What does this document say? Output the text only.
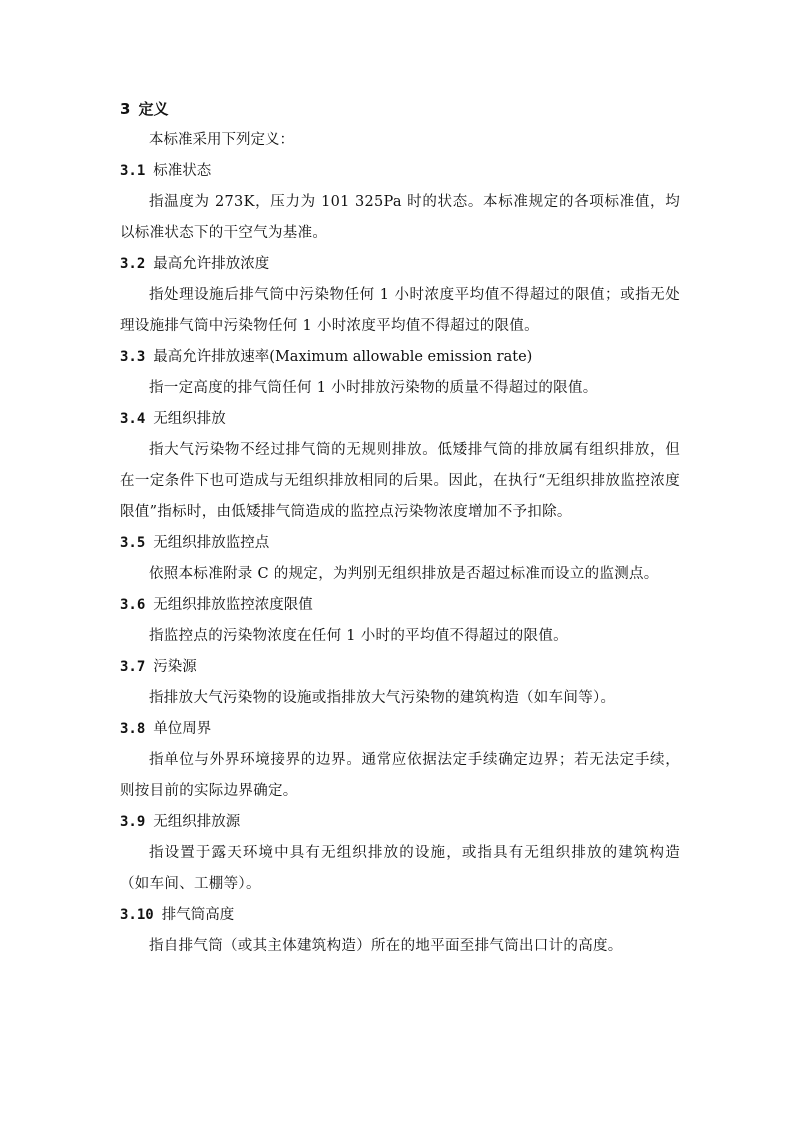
3 定义
本标准采用下列定义：
3.1 标准状态
指温度为 273K，压力为 101 325Pa 时的状态。本标准规定的各项标准值，均以标准状态下的干空气为基准。
3.2 最高允许排放浓度
指处理设施后排气筒中污染物任何 1 小时浓度平均值不得超过的限值；或指无处理设施排气筒中污染物任何 1 小时浓度平均值不得超过的限值。
3.3 最高允许排放速率(Maximum allowable emission rate)
指一定高度的排气筒任何 1 小时排放污染物的质量不得超过的限值。
3.4 无组织排放
指大气污染物不经过排气筒的无规则排放。低矮排气筒的排放属有组织排放，但在一定条件下也可造成与无组织排放相同的后果。因此，在执行“无组织排放监控浓度限值”指标时，由低矮排气筒造成的监控点污染物浓度增加不予扣除。
3.5 无组织排放监控点
依照本标准附录 C 的规定，为判别无组织排放是否超过标准而设立的监测点。
3.6 无组织排放监控浓度限值
指监控点的污染物浓度在任何 1 小时的平均值不得超过的限值。
3.7 污染源
指排放大气污染物的设施或指排放大气污染物的建筑构造（如车间等）。
3.8 单位周界
指单位与外界环境接界的边界。通常应依据法定手续确定边界；若无法定手续，则按目前的实际边界确定。
3.9 无组织排放源
指设置于露天环境中具有无组织排放的设施，或指具有无组织排放的建筑构造（如车间、工棚等）。
3.10 排气筒高度
指自排气筒（或其主体建筑构造）所在的地平面至排气筒出口计的高度。
